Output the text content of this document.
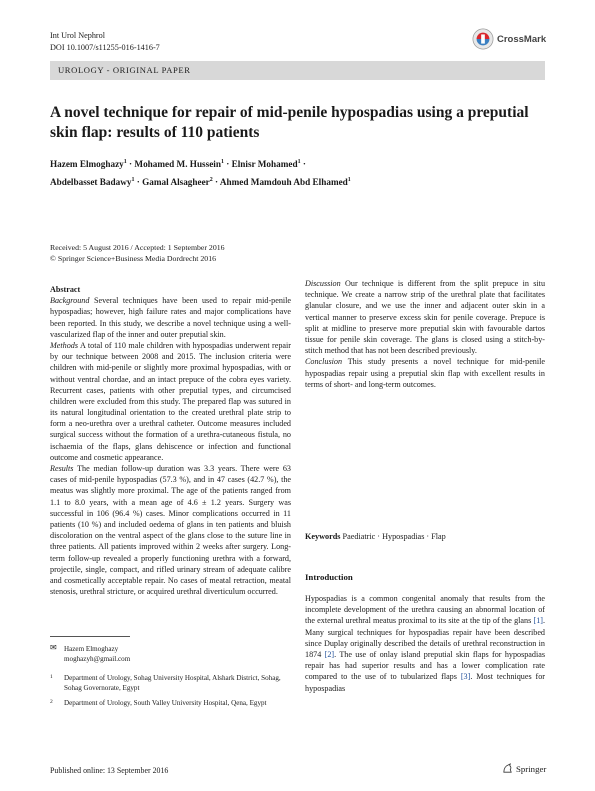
Int Urol Nephrol
DOI 10.1007/s11255-016-1416-7
CrossMark
UROLOGY - ORIGINAL PAPER
A novel technique for repair of mid-penile hypospadias using a preputial skin flap: results of 110 patients
Hazem Elmoghazy$^1$ · Mohamed M. Hussein$^1$ · Elnisr Mohamed$^1$ ·
Abdelbasset Badawy$^1$ · Gamal Alsagheer$^2$ · Ahmed Mamdouh Abd Elhamed$^1$
Received: 5 August 2016 / Accepted: 1 September 2016
© Springer Science+Business Media Dordrecht 2016

Abstract

Background Several techniques have been used to repair mid-penile hypospadias; however, high failure rates and major complications have been reported. In this study, we describe a novel technique using a well-vascularized flap of the inner and outer preputial skin.

Methods A total of 110 male children with hypospadias underwent repair by our technique between 2008 and 2015. The inclusion criteria were children with mid-penile or slightly more proximal hypospadias, with or without ventral chordae, and an intact prepuce of the cobra eyes variety. Recurrent cases, patients with other preputial types, and circumcised children were excluded from this study. The prepared flap was sutured in its natural longitudinal orientation to the created urethral plate strip to form a neo-urethra over a urethral catheter. Outcome measures included surgical success without the formation of a urethra-cutaneous fistula, no ischaemia of the flaps, glans dehiscence or infection and functional outcome and cosmetic appearance.

Results The median follow-up duration was 3.3 years. There were 63 cases of mid-penile hypospadias (57.3 %), and in 47 cases (42.7 %), the meatus was slightly more proximal. The age of the patients ranged from 1.1 to 8.0 years, with a mean age of 4.6 ± 1.2 years. Surgery was successful in 106 (96.4 %) cases. Minor complications occurred in 11 patients (10 %) and included oedema of glans in ten patients and bluish discoloration on the ventral aspect of the glans close to the suture line in three patients. All patients improved within 2 weeks after surgery. Long-term follow-up revealed a properly functioning urethra with a forward, projectile, single, compact, and rifled urinary stream of adequate calibre and cosmetically acceptable repair. No cases of meatal retraction, meatal stenosis, urethral stricture, or acquired urethral diverticulum occurred.

Discussion Our technique is different from the split prepuce in situ technique. We create a narrow strip of the urethral plate that facilitates glanular closure, and we use the inner and adjacent outer skin in a vertical manner to preserve excess skin for penile coverage. Prepuce is split at midline to preserve more preputial skin with favourable dartos tissue for penile skin coverage. The glans is closed using a stitch-by-stitch method that has not been described previously.

Conclusion This study presents a novel technique for mid-penile hypospadias repair using a preputial skin flap with excellent results in terms of short- and long-term outcomes.

Keywords Paediatric · Hypospadias · Flap
Introduction
Hypospadias is a common congenital anomaly that results from the incomplete development of the urethra causing an abnormal location of the external urethral meatus proximal to its site at the tip of the glans [1]. Many surgical techniques for hypospadias repair have been described since Duplay originally described the details of urethral reconstruction in 1874 [2]. The use of onlay island preputial skin flaps for hypospadias repair has had superior results and has a lower complication rate compared to the use of to tubularized flaps [3]. Most techniques for hypospadias
✉	Hazem Elmoghazy
moghazyh@gmail.com
1	Department of Urology, Sohag University Hospital, Alshark District, Sohag, Sohag Governorate, Egypt
2	Department of Urology, South Valley University Hospital, Qena, Egypt
Published online: 13 September 2016	Springer
